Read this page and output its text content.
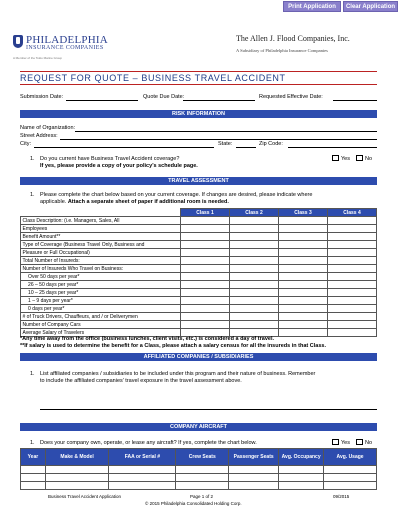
Print Application	Clear Application
PHILADELPHIA
INSURANCE COMPANIES
A Member of the Tokio Marine Group
The Allen J. Flood Companies, Inc.
A Subsidiary of Philadelphia Insurance Companies
REQUEST FOR QUOTE – BUSINESS TRAVEL ACCIDENT
Submission Date:	Quote Due Date:	Requested Effective Date:
RISK INFORMATION
Name of Organization:
Street Address:
City:	State:	Zip Code:
1. Do you current have Business Travel Accident coverage?
If yes, please provide a copy of your policy’s schedule page.
Yes	No
TRAVEL ASSESSMENT
1. Please complete the chart below based on your current coverage. If changes are desired, please indicate where
applicable. Attach a separate sheet of paper if additional room is needed.
	Class 1	Class 2	Class 3	Class 4
Class Description: (i.e. Managers, Sales, All				
Employees				
Benefit Amount**				
Type of Coverage (Business Travel Only, Business and				
Pleasure or Full Occupational)				
Total Number of Insureds:				
Number of Insureds Who Travel on Business:				
Over 50 days per year*				
26 – 50 days per year*				
10 – 25 days per year*				
1 – 9 days per year*				
0 days per year*				
# of Truck Drivers, Chauffeurs, and / or Deliverymen				
Number of Company Cars				
Average Salary of Travelers				
*Any time away from the office (business lunches, client visits, etc.) is considered a day of travel.
**If salary is used to determine the benefit for a Class, please attach a salary census for all the insureds in that Class.
AFFILIATED COMPANIES / SUBSIDIARIES
1. List affiliated companies / subsidiaries to be included under this program and their nature of business. Remember
to include the affiliated companies’ travel exposure in the travel assessment above.
COMPANY AIRCRAFT
1. Does your company own, operate, or lease any aircraft? If yes, complete the chart below.	Yes	No
Year	Make & Model	FAA or Serial #	Crew Seats	Passenger Seats	Avg. Occupancy	Avg. Usage

Business Travel Accident Application	Page 1 of 2
© 2015 Philadelphia Consolidated Holding Corp.
09/2015
